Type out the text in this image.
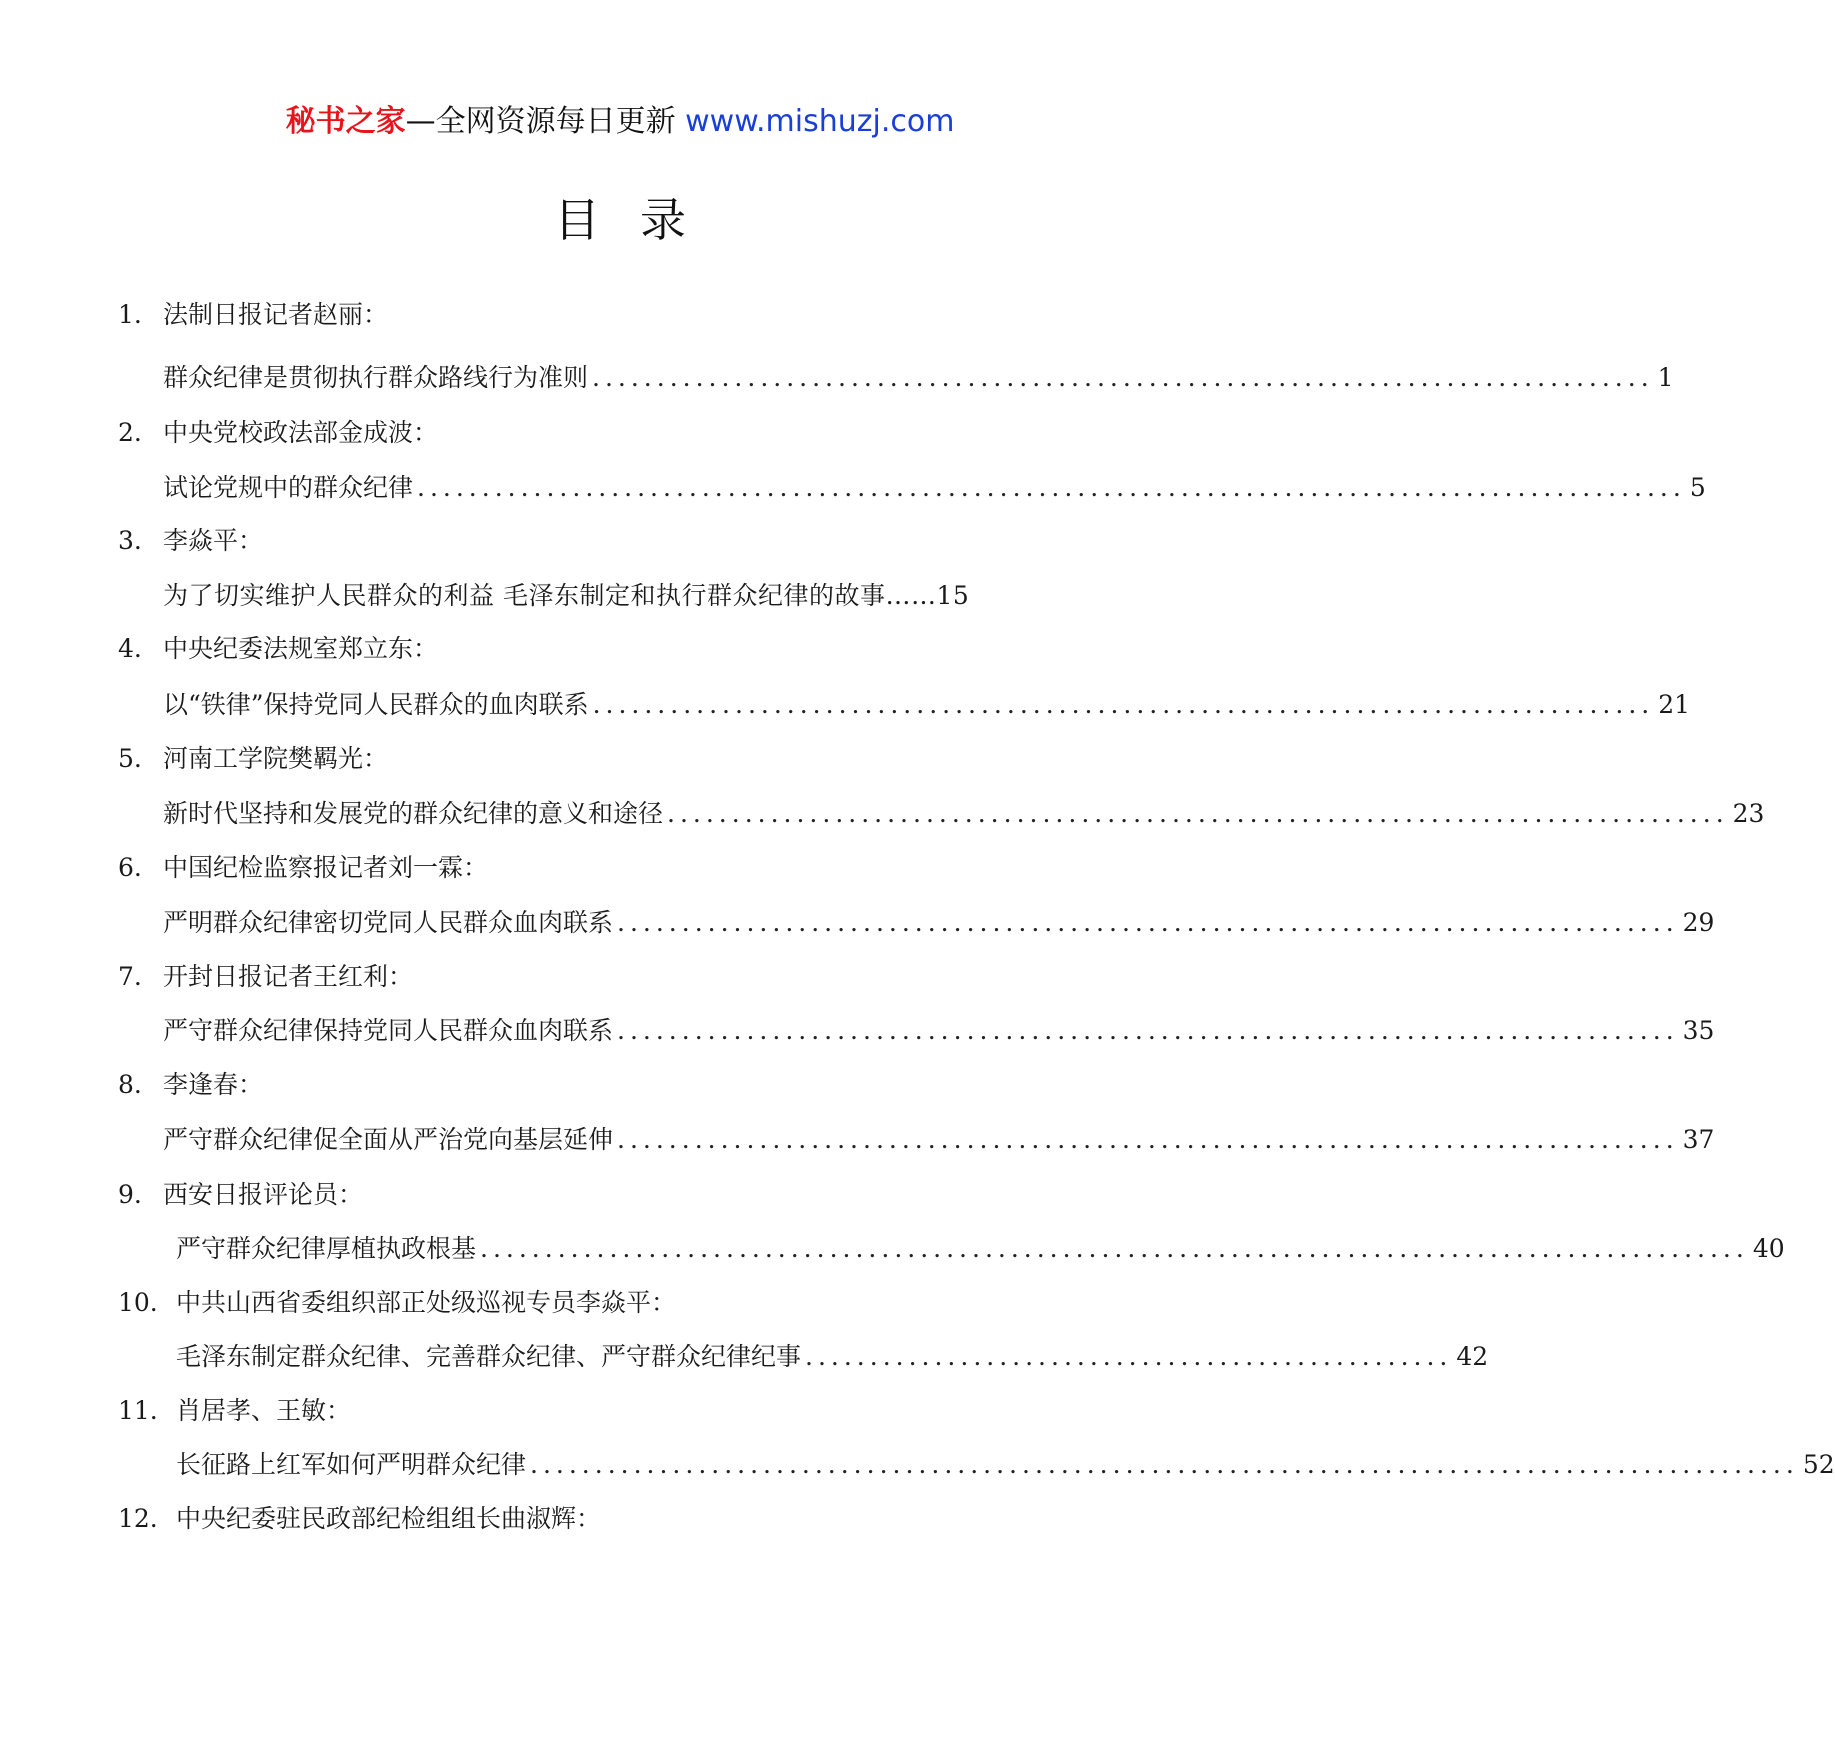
秘书之家—全网资源每日更新 www.mishuzj.com
目录
1. 法制日报记者赵丽：
群众纪律是贯彻执行群众路线行为准则 .................................................................................. 1
2. 中央党校政法部金成波：
试论党规中的群众纪律 .................................................................................................. 5
3. 李焱平：
为了切实维护人民群众的利益 毛泽东制定和执行群众纪律的故事……15
4. 中央纪委法规室郑立东：
以“铁律”保持党同人民群众的血肉联系 .................................................................................. 21
5. 河南工学院樊羁光：
新时代坚持和发展党的群众纪律的意义和途径 .................................................................................. 23
6. 中国纪检监察报记者刘一霖：
严明群众纪律密切党同人民群众血肉联系 .................................................................................. 29
7. 开封日报记者王红利：
严守群众纪律保持党同人民群众血肉联系 .................................................................................. 35
8. 李逢春：
严守群众纪律促全面从严治党向基层延伸 .................................................................................. 37
9. 西安日报评论员：
严守群众纪律厚植执政根基 .................................................................................................. 40
10. 中共山西省委组织部正处级巡视专员李焱平：
毛泽东制定群众纪律、完善群众纪律、严守群众纪律纪事 .................................................. 42
11. 肖居孝、王敏：
长征路上红军如何严明群众纪律 .................................................................................................. 52
12. 中央纪委驻民政部纪检组组长曲淑辉：
